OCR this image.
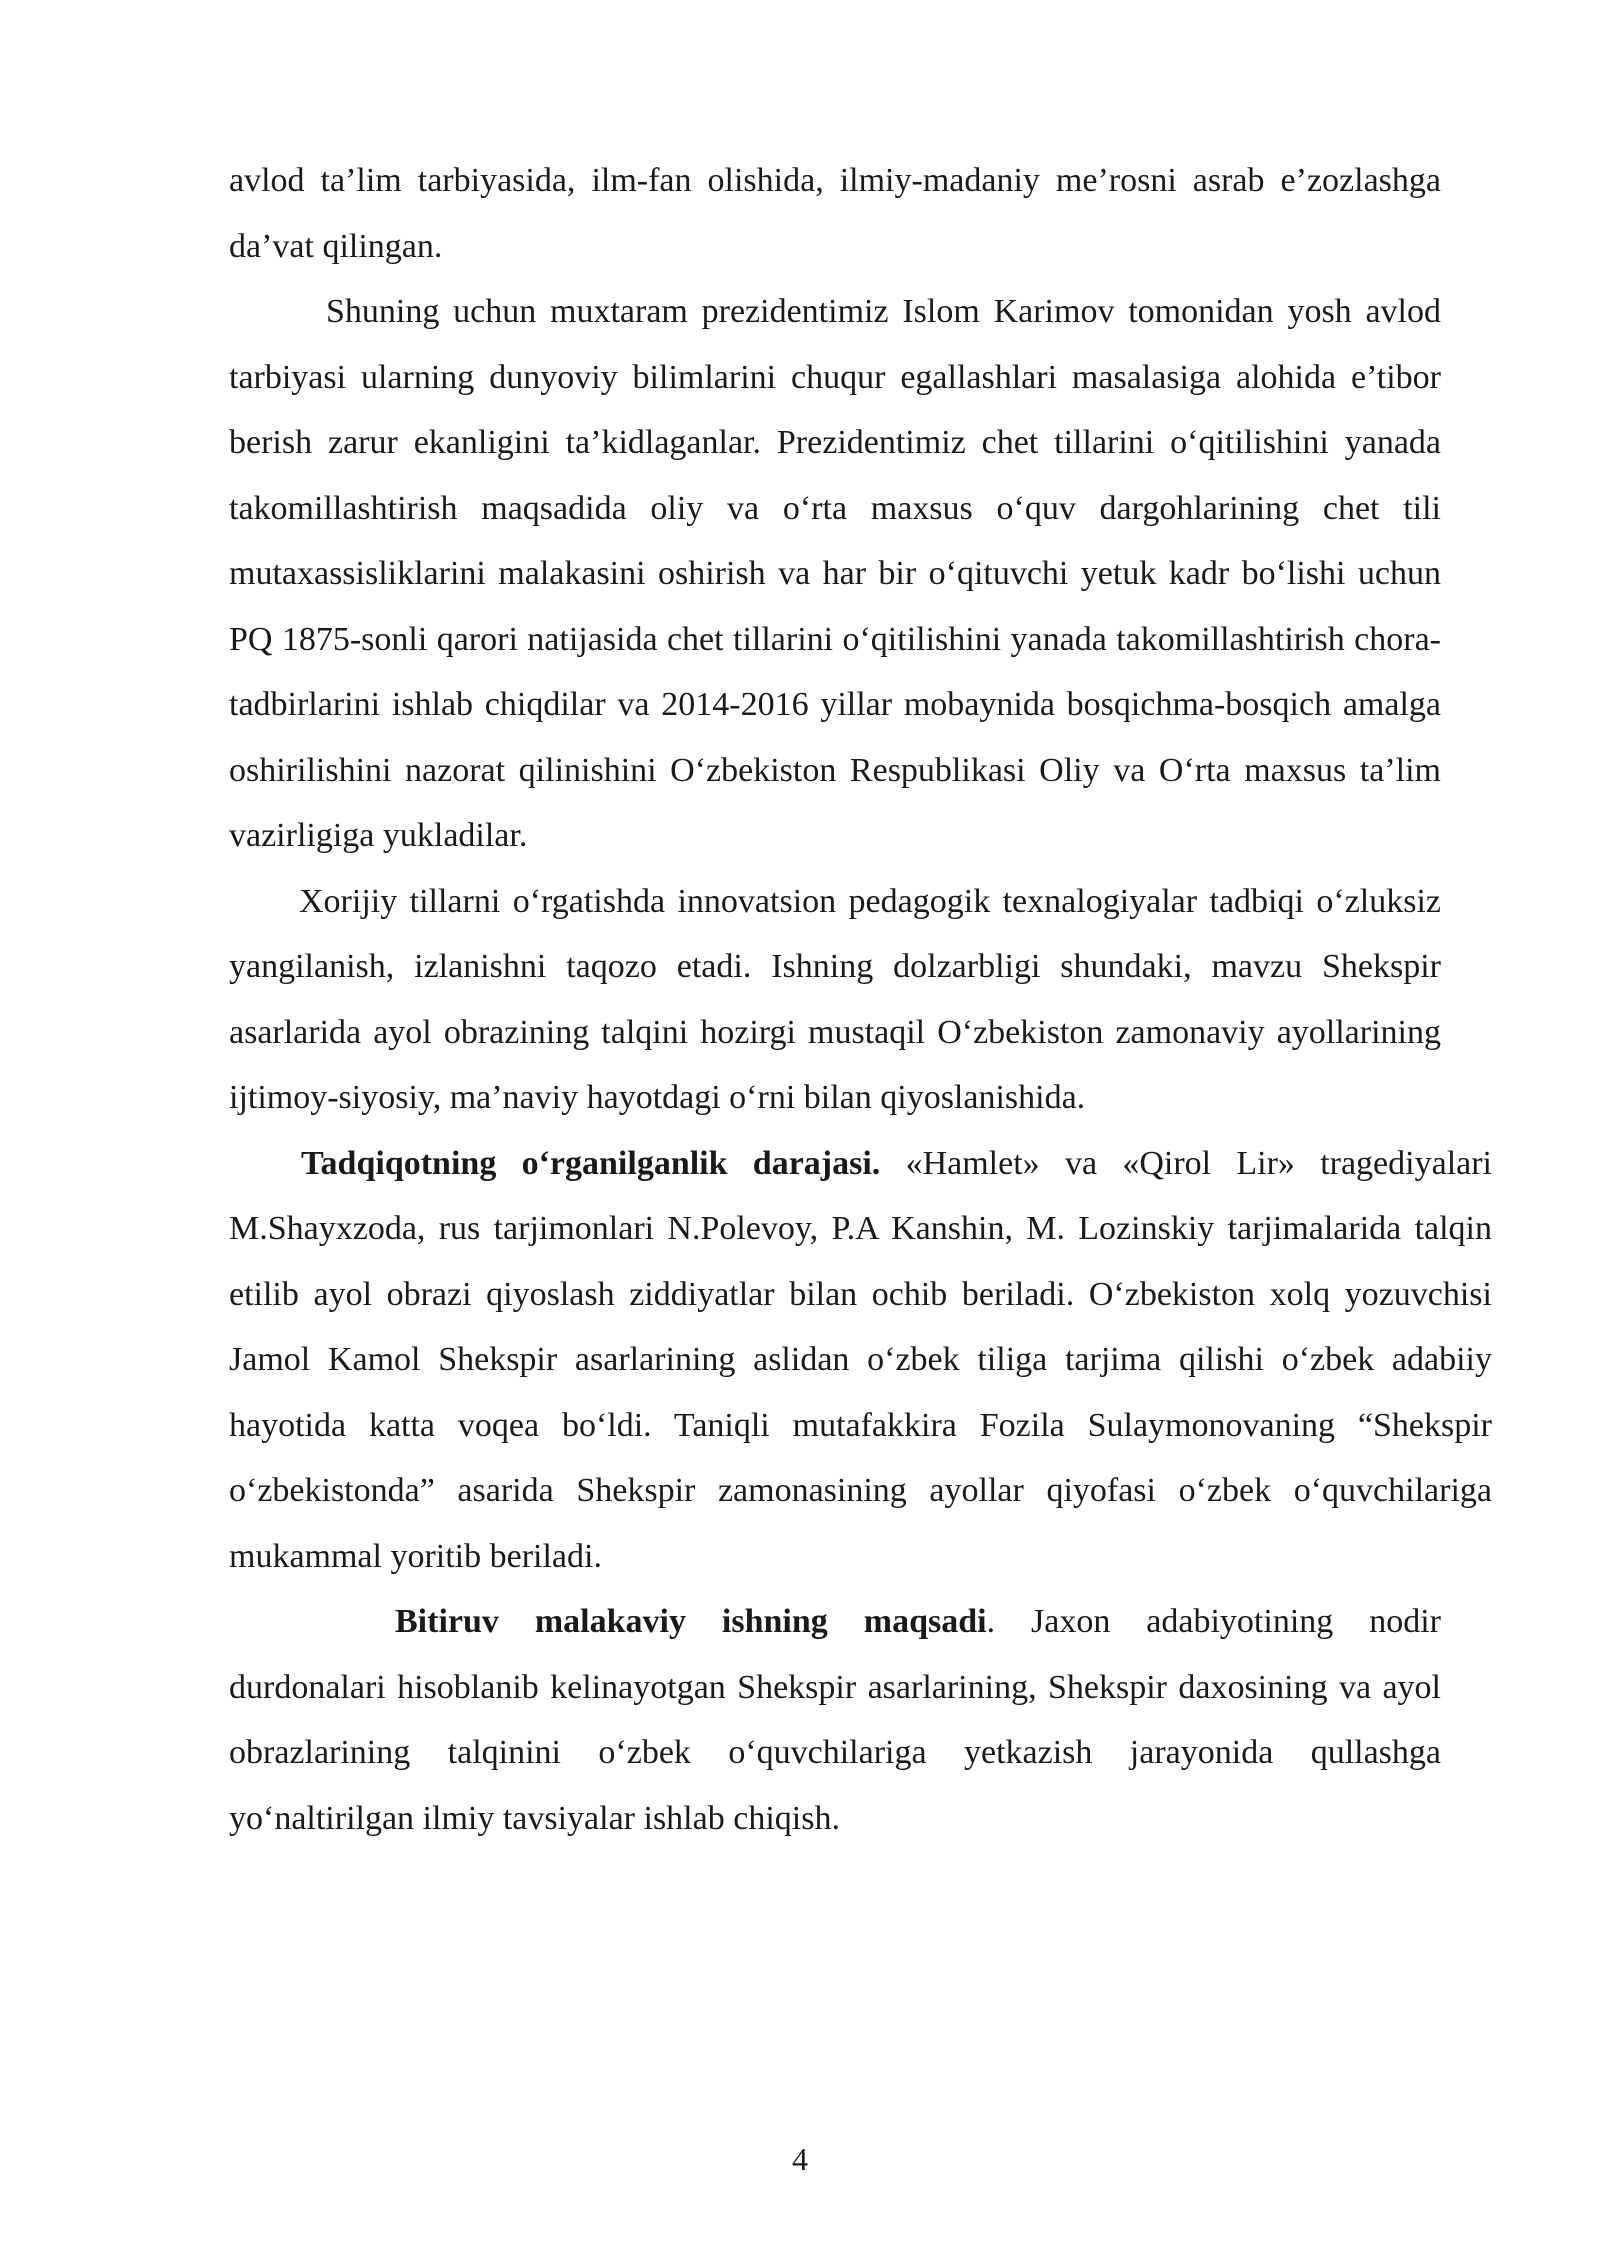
avlod ta’lim tarbiyasida, ilm-fan olishida, ilmiy-madaniy me’rosni asrab e’zozlashga da’vat qilingan.

Shuning uchun muxtaram prezidentimiz Islom Karimov tomonidan yosh avlod tarbiyasi ularning dunyoviy bilimlarini chuqur egallashlari masalasiga alohida e’tibor berish zarur ekanligini ta’kidlaganlar. Prezidentimiz chet tillarini o‘qitilishini yanada takomillashtirish maqsadida oliy va o‘rta maxsus o‘quv dargohlarining chet tili mutaxassisliklarini malakasini oshirish va har bir o‘qituvchi yetuk kadr bo‘lishi uchun PQ 1875-sonli qarori natijasida chet tillarini o‘qitilishini yanada takomillashtirish chora-tadbirlarini ishlab chiqdilar va 2014-2016 yillar mobaynida bosqichma-bosqich amalga oshirilishini nazorat qilinishini O‘zbekiston Respublikasi Oliy va O‘rta maxsus ta’lim vazirligiga yukladilar.

Xorijiy tillarni o‘rgatishda innovatsion pedagogik texnalogiyalar tadbiqi o‘zluksiz yangilanish, izlanishni taqozo etadi. Ishning dolzarbligi shundaki, mavzu Shekspir asarlarida ayol obrazining talqini hozirgi mustaqil O‘zbekiston zamonaviy ayollarining ijtimoy-siyosiy, ma’naviy hayotdagi o‘rni bilan qiyoslanishida.

Tadqiqotning o‘rganilganlik darajasi. «Hamlet» va «Qirol Lir» tragediyalari M.Shayxzoda, rus tarjimonlari N.Polevoy, P.A Kanshin, M. Lozinskiy tarjimalarida talqin etilib ayol obrazi qiyoslash ziddiyatlar bilan ochib beriladi. O‘zbekiston xolq yozuvchisi Jamol Kamol Shekspir asarlarining aslidan o‘zbek tiliga tarjima qilishi o‘zbek adabiiy hayotida katta voqea bo‘ldi. Taniqli mutafakkira Fozila Sulaymonovaning “Shekspir o‘zbekistonda” asarida Shekspir zamonasining ayollar qiyofasi o‘zbek o‘quvchilariga mukammal yoritib beriladi.

Bitiruv malakaviy ishning maqsadi. Jaxon adabiyotining nodir durdonalari hisoblanib kelinayotgan Shekspir asarlarining, Shekspir daxosining va ayol obrazlarining talqinini o‘zbek o‘quvchilariga yetkazish jarayonida qullashga yo‘naltirilgan ilmiy tavsiyalar ishlab chiqish.

4
